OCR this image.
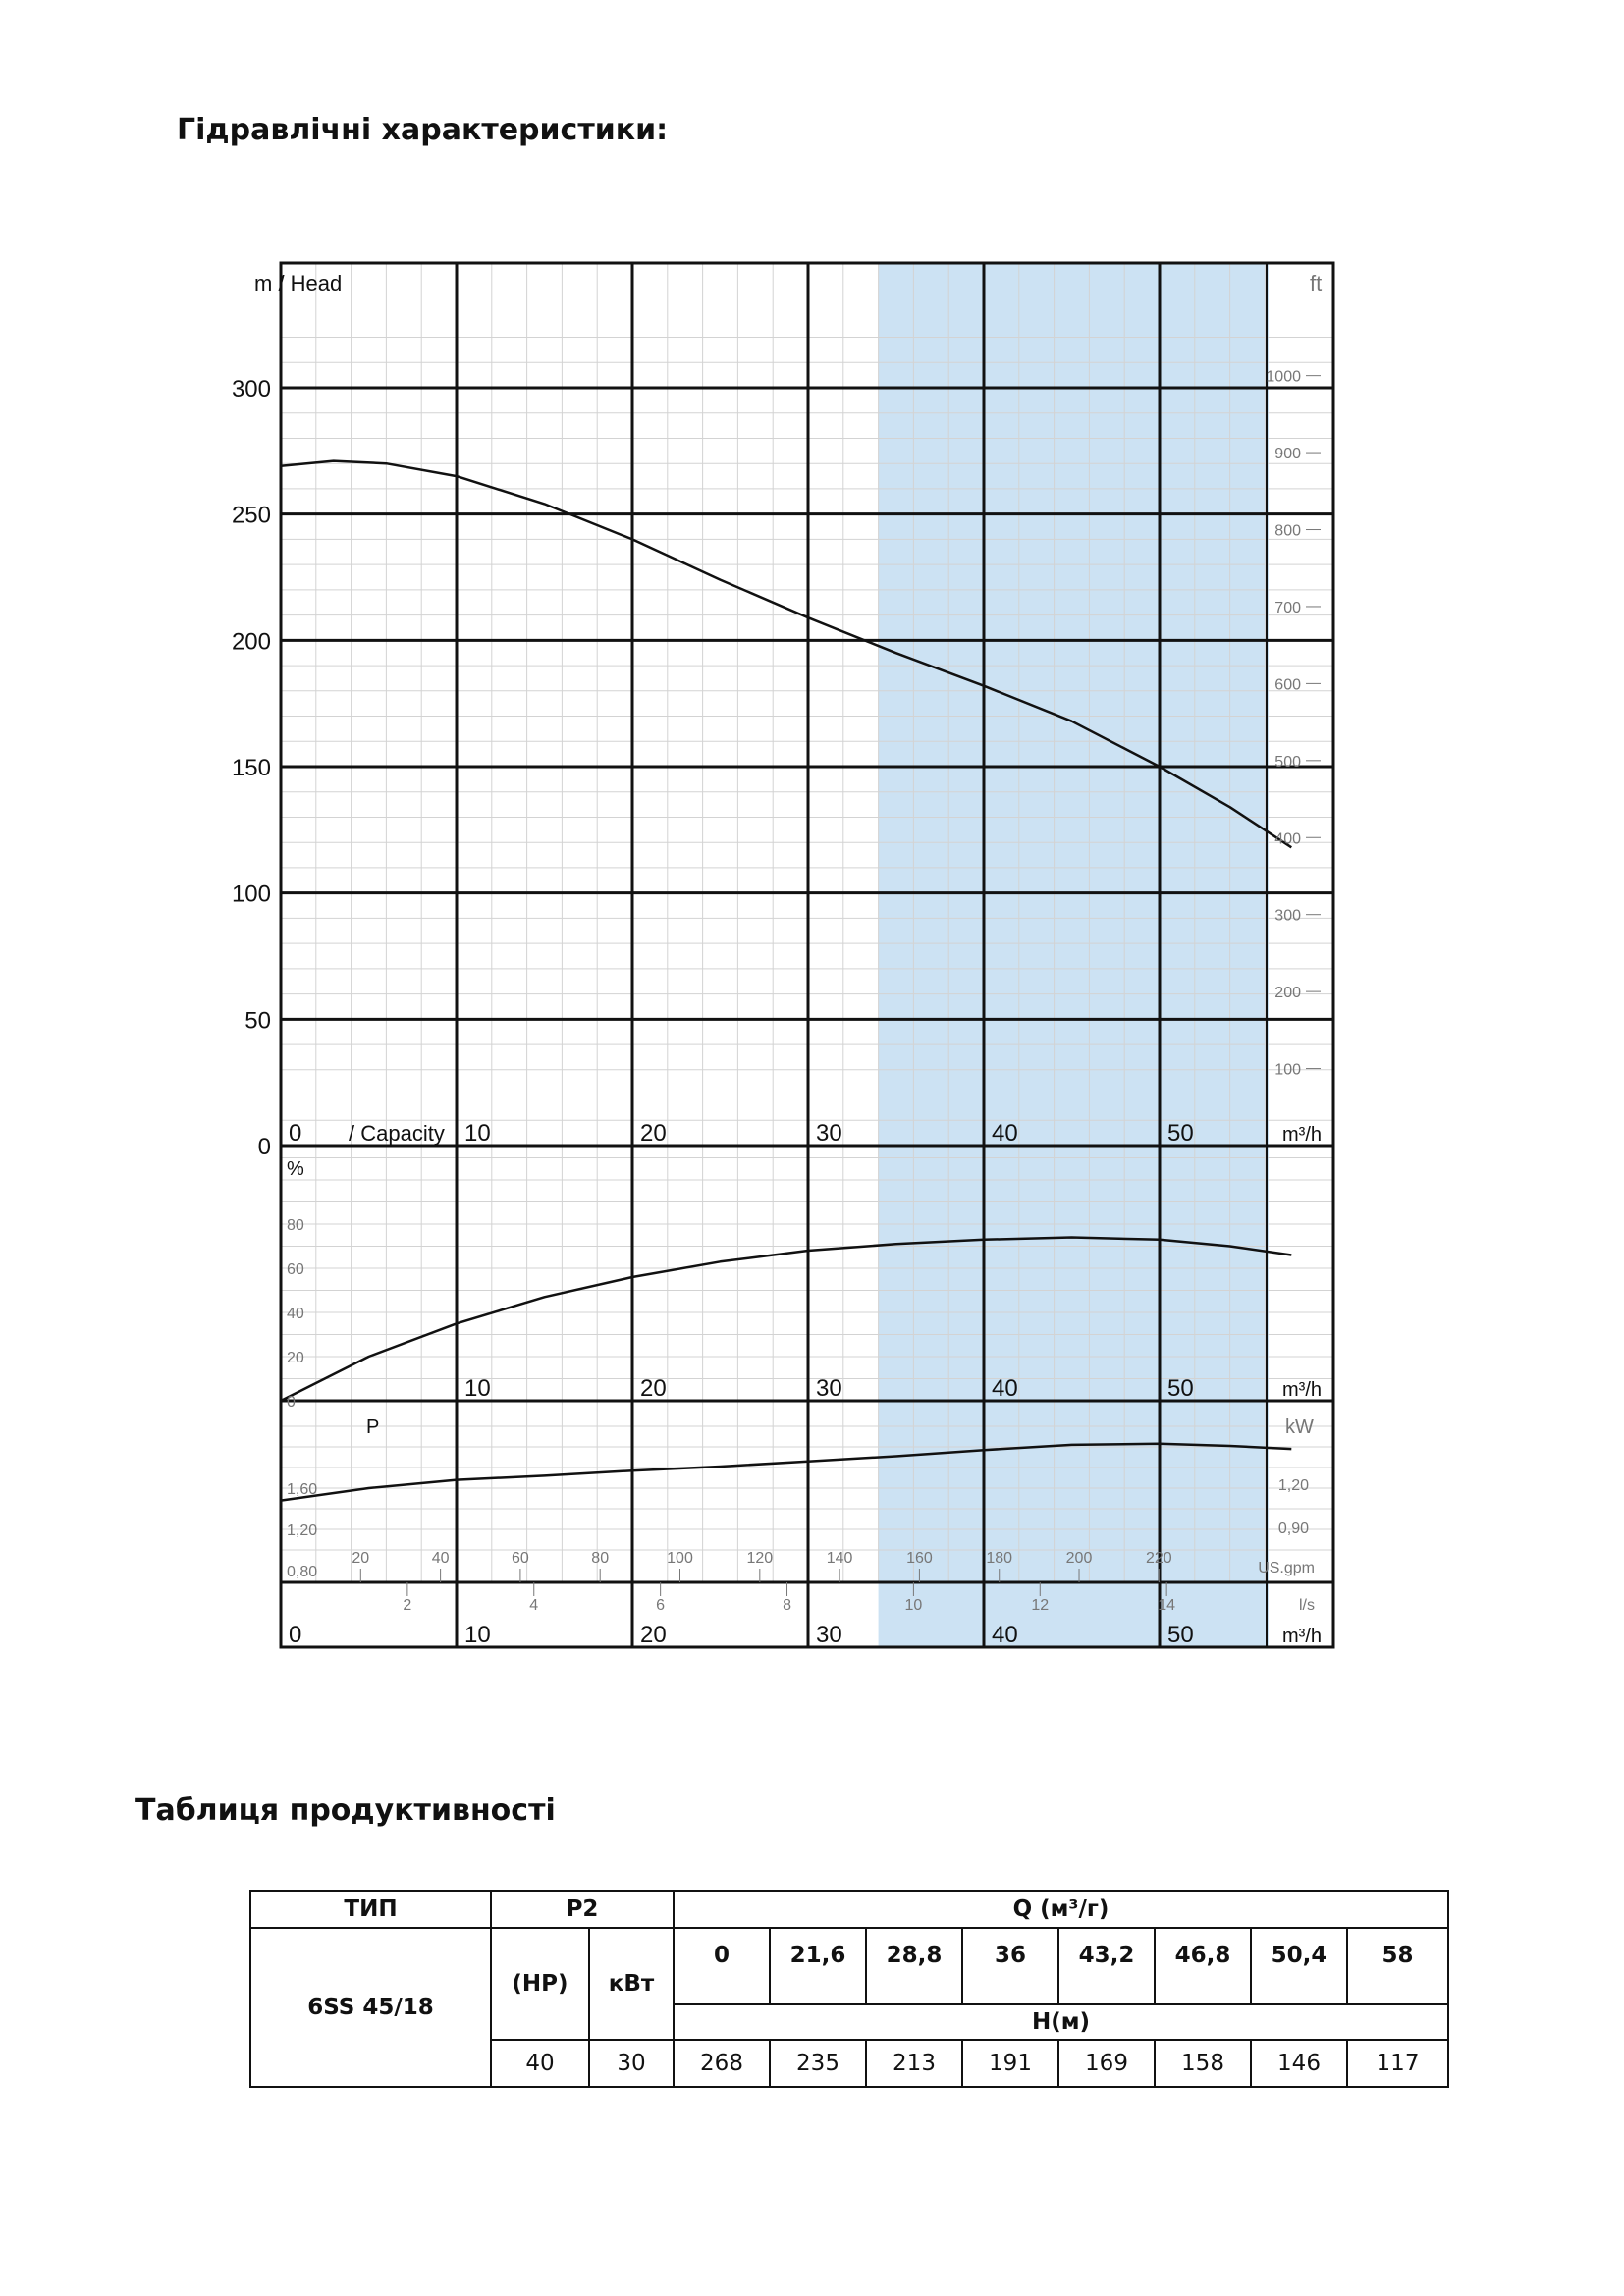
Гідравлічні характеристики:
0
50
100
150
200
250
300
100
200
300
400
500
600
700
800
900
1000
m / Head	ft
0 / Capacity 10	20	30	40	50	m³/h
%
0
20
40
60
80
10	20	30	40	50	m³/h
P	kW
0,80
1,20
1,60	1,20
0,90
20	40	60	80	100	120	140	160	180	200	220
US.gpm
2	4	6	8	10	12	14	l/s
0	10	20	30	40	50	m³/h
Таблиця продуктивності
ТИП	Р2		Q (м³/г)							
6SS 45/18	(HP)	кВт	0	21,6	28,8	36	43,2	46,8	50,4	58
			Н(м)							
	40	30	268	235	213	191	169	158	146	117
